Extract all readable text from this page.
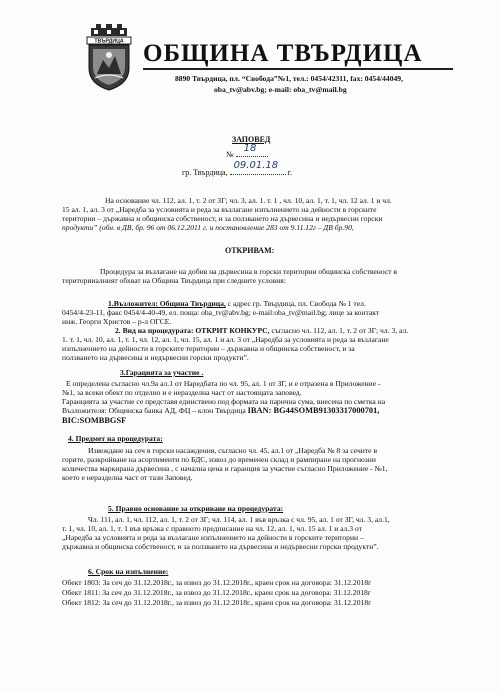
ТВЪРДИЦА ОБЩИНА ТВЪРДИЦА
8890 Твърдица, пл. “Свобода”№1, тел.: 0454/42311, fax: 0454/44049,
oba_tv@abv.bg; e-mail: oba_tv@mail.bg
ЗАПОВЕД
№
18
гр. Твърдица,
09.01.18
г.
На основание чл. 112, ал. 1, т. 2 от ЗГ; чл. 3, ал. 1. т. 1 , чл. 10, ал. 1, т. 1, чл. 12 ал. 1 и чл.
15 ал. 1, ал. 3 от „Наредба за условията и реда за възлагане изпълнението на дейности в горските
територии – държавна и общинска собственост, и за ползването на дървесина и недървесни горски
продукти” (обн. в ДВ, бр. 96 от 06.12.2011 г. и постановление 283 от 9.11.12г – ДВ бр.90,
ОТКРИВАМ:
Процедура за възлагане на добив на дървесина в горски територии общинска собственост в
територииалният обхват на Община Твърдица при следните условия:
1.Възложител: Община Твърдица, с адрес гр. Твърдица, пл. Свобода № 1 тел.
0454/4-23-11, факс 0454/4-40-49, ел. поща: oba_tv@abv.bg; e-mail:oba_tv@mail.bg; лице за контакт
инж. Георги Христов – р-л ОГСЕ.
2. Вид на процедурата: ОТКРИТ КОНКУРС, съгласно чл. 112, ал. 1, т. 2 от ЗГ; чл. 3, ал.
1. т. 1, чл. 10, ал. 1, т. 1, чл. 12, ал. 1, чл. 15, ал. 1 и ал. 3 от „Наредба за условията и реда за възлагане
изпълнението на дейности в горските територии – държавна и общинска собственост, и за
ползването на дървесина и недървесни горски продукти”.
3.Гарацията за участие .
Е определена съгласно чл.9а ал.1 от Наредбата по чл. 95, ал. 1 от ЗГ, и е отразена в Приложение -
№1, за всеки обект по отделно и е неразделна част от настоящата заповед.
Гаранцията за участие се представя единствено под формата на парична сума, внесена по сметка на
Възложителя: Общинска банка АД, ФЦ – клон Твърдица IBAN: BG44SOMB91303317000701,
BIC:SOMBBGSF
4. Предмет на процедурата:
Извеждане на сеч в горски насаждения, съгласно чл. 45, ал.1 от „Наредба № 8 за сечите в
горите, разкройване на асортименти по БДС, извоз до временен склад и рампиране на прогнозни
количества маркирана дървесина , с начална цена и гаранция за участие съгласно Приложение - №1,
което е неразделна част от тази Заповед.
5. Правно основание за откриване на процедурата:
Чл. 111, ал. 1, чл. 112, ал. 1, т. 2 от ЗГ; чл. 114, ал. 1 във връзка с чл. 95, ал. 1 от ЗГ, чл. 3, ал.1,
т. 1, чл. 10, ал. 1, т. 1 във връзка с правното предписание на чл. 12, ал. 1, чл. 15 ал. 1 и ал.3 от
„Наредба за условията и реда за възлагане изпълнението на дейности в горските територии –
държавна и общинска собственост, и за ползването на дървесина и недървесни горски продукти”.
6. Срок на изпълнение:
Обект 1803: За сеч до 31.12.2018г., за извоз до 31.12.2018г., краен срок на договора: 31.12.2018г
Обект 1811: За сеч до 31.12.2018г., за извоз до 31.12.2018г., краен срок на договора: 31.12.2018г
Обект 1812: За сеч до 31.12.2018г., за извоз до 31.12.2018г., краен срок на договора: 31.12.2018г
